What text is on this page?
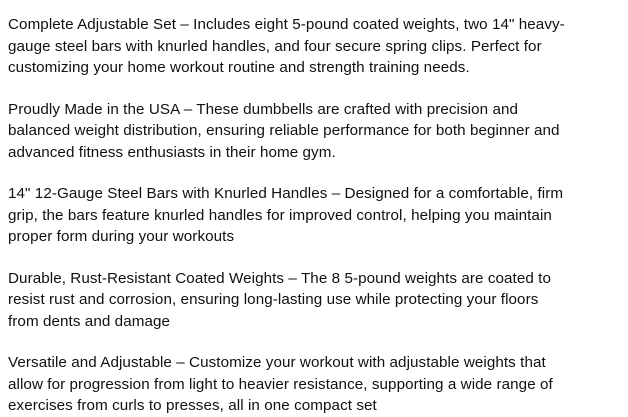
Complete Adjustable Set – Includes eight 5-pound coated weights, two 14" heavy-gauge steel bars with knurled handles, and four secure spring clips. Perfect for customizing your home workout routine and strength training needs.

Proudly Made in the USA – These dumbbells are crafted with precision and balanced weight distribution, ensuring reliable performance for both beginner and advanced fitness enthusiasts in their home gym.

14" 12-Gauge Steel Bars with Knurled Handles – Designed for a comfortable, firm grip, the bars feature knurled handles for improved control, helping you maintain proper form during your workouts

Durable, Rust-Resistant Coated Weights – The 8 5-pound weights are coated to resist rust and corrosion, ensuring long-lasting use while protecting your floors from dents and damage

Versatile and Adjustable – Customize your workout with adjustable weights that allow for progression from light to heavier resistance, supporting a wide range of exercises from curls to presses, all in one compact set
